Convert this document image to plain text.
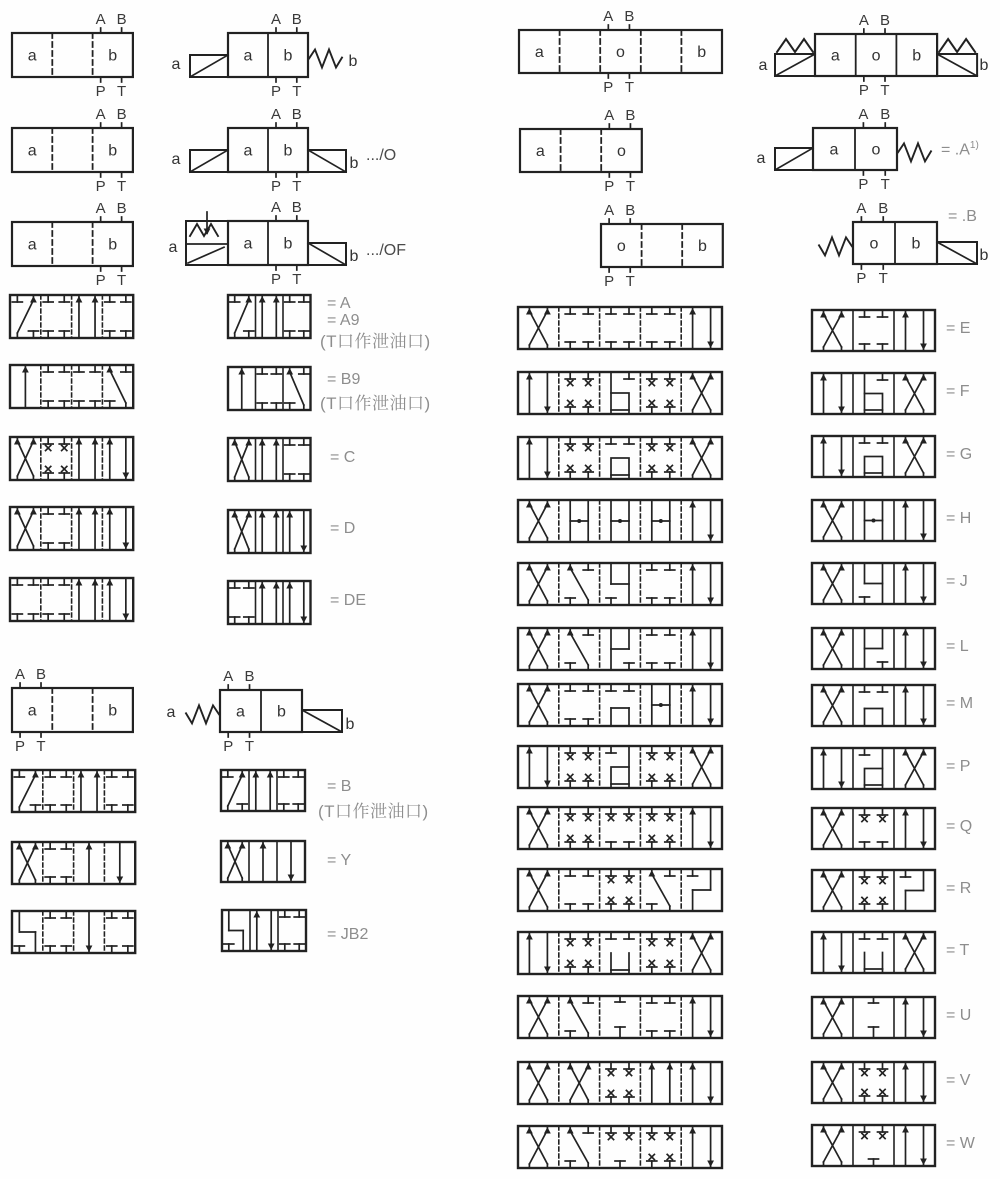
a	b
A B
P T
a	b
A B
P T
a	b
A B
P T
a b
A B
P T
a	b
a b
A B
P T
a	b
a b
A B
P T
a
b
a	o	b
A B
P T
a	o
A B
P T
o	b
A B
P T
a o b
A B
P T
a	b
a o
A B
P T
a
o b
A B
P T
b
a	b
A B
P T
a b
A B
P T
a
b
.../O
.../OF
= A
= A9
(T口作泄油口)
= B9
(T口作泄油口)
= C
= D
= DE
= B
(T口作泄油口)
= Y
= JB2
= $.A^{1)}$
= .B
= E
= F
= G
= H
= J
= L
= M
= P
= Q
= R
= T
= U
= V
= W
